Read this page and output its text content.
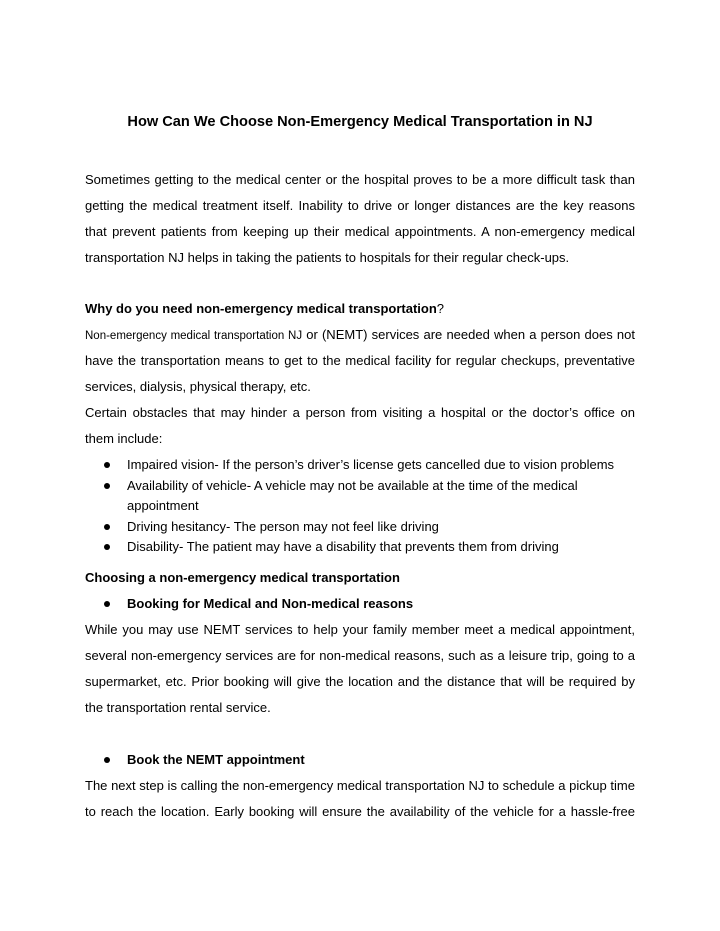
How Can We Choose Non-Emergency Medical Transportation in NJ

Sometimes getting to the medical center or the hospital proves to be a more difficult task than

getting the medical treatment itself. Inability to drive or longer distances are the key reasons

that prevent patients from keeping up their medical appointments. A non-emergency medical

transportation NJ helps in taking the patients to hospitals for their regular check-ups.

Why do you need non-emergency medical transportation?

Non-emergency medical transportation NJ or (NEMT) services are needed when a person does not

have the transportation means to get to the medical facility for regular checkups, preventative

services, dialysis, physical therapy, etc.

Certain obstacles that may hinder a person from visiting a hospital or the doctor’s office on

them include:

Impaired vision- If the person’s driver’s license gets cancelled due to vision problems
Availability of vehicle- A vehicle may not be available at the time of the medical appointment
Driving hesitancy- The person may not feel like driving
Disability- The patient may have a disability that prevents them from driving

Choosing a non-emergency medical transportation

Booking for Medical and Non-medical reasons

While you may use NEMT services to help your family member meet a medical appointment,

several non-emergency services are for non-medical reasons, such as a leisure trip, going to a

supermarket, etc. Prior booking will give the location and the distance that will be required by

the transportation rental service.

Book the NEMT appointment

The next step is calling the non-emergency medical transportation NJ to schedule a pickup time

to reach the location. Early booking will ensure the availability of the vehicle for a hassle-free
